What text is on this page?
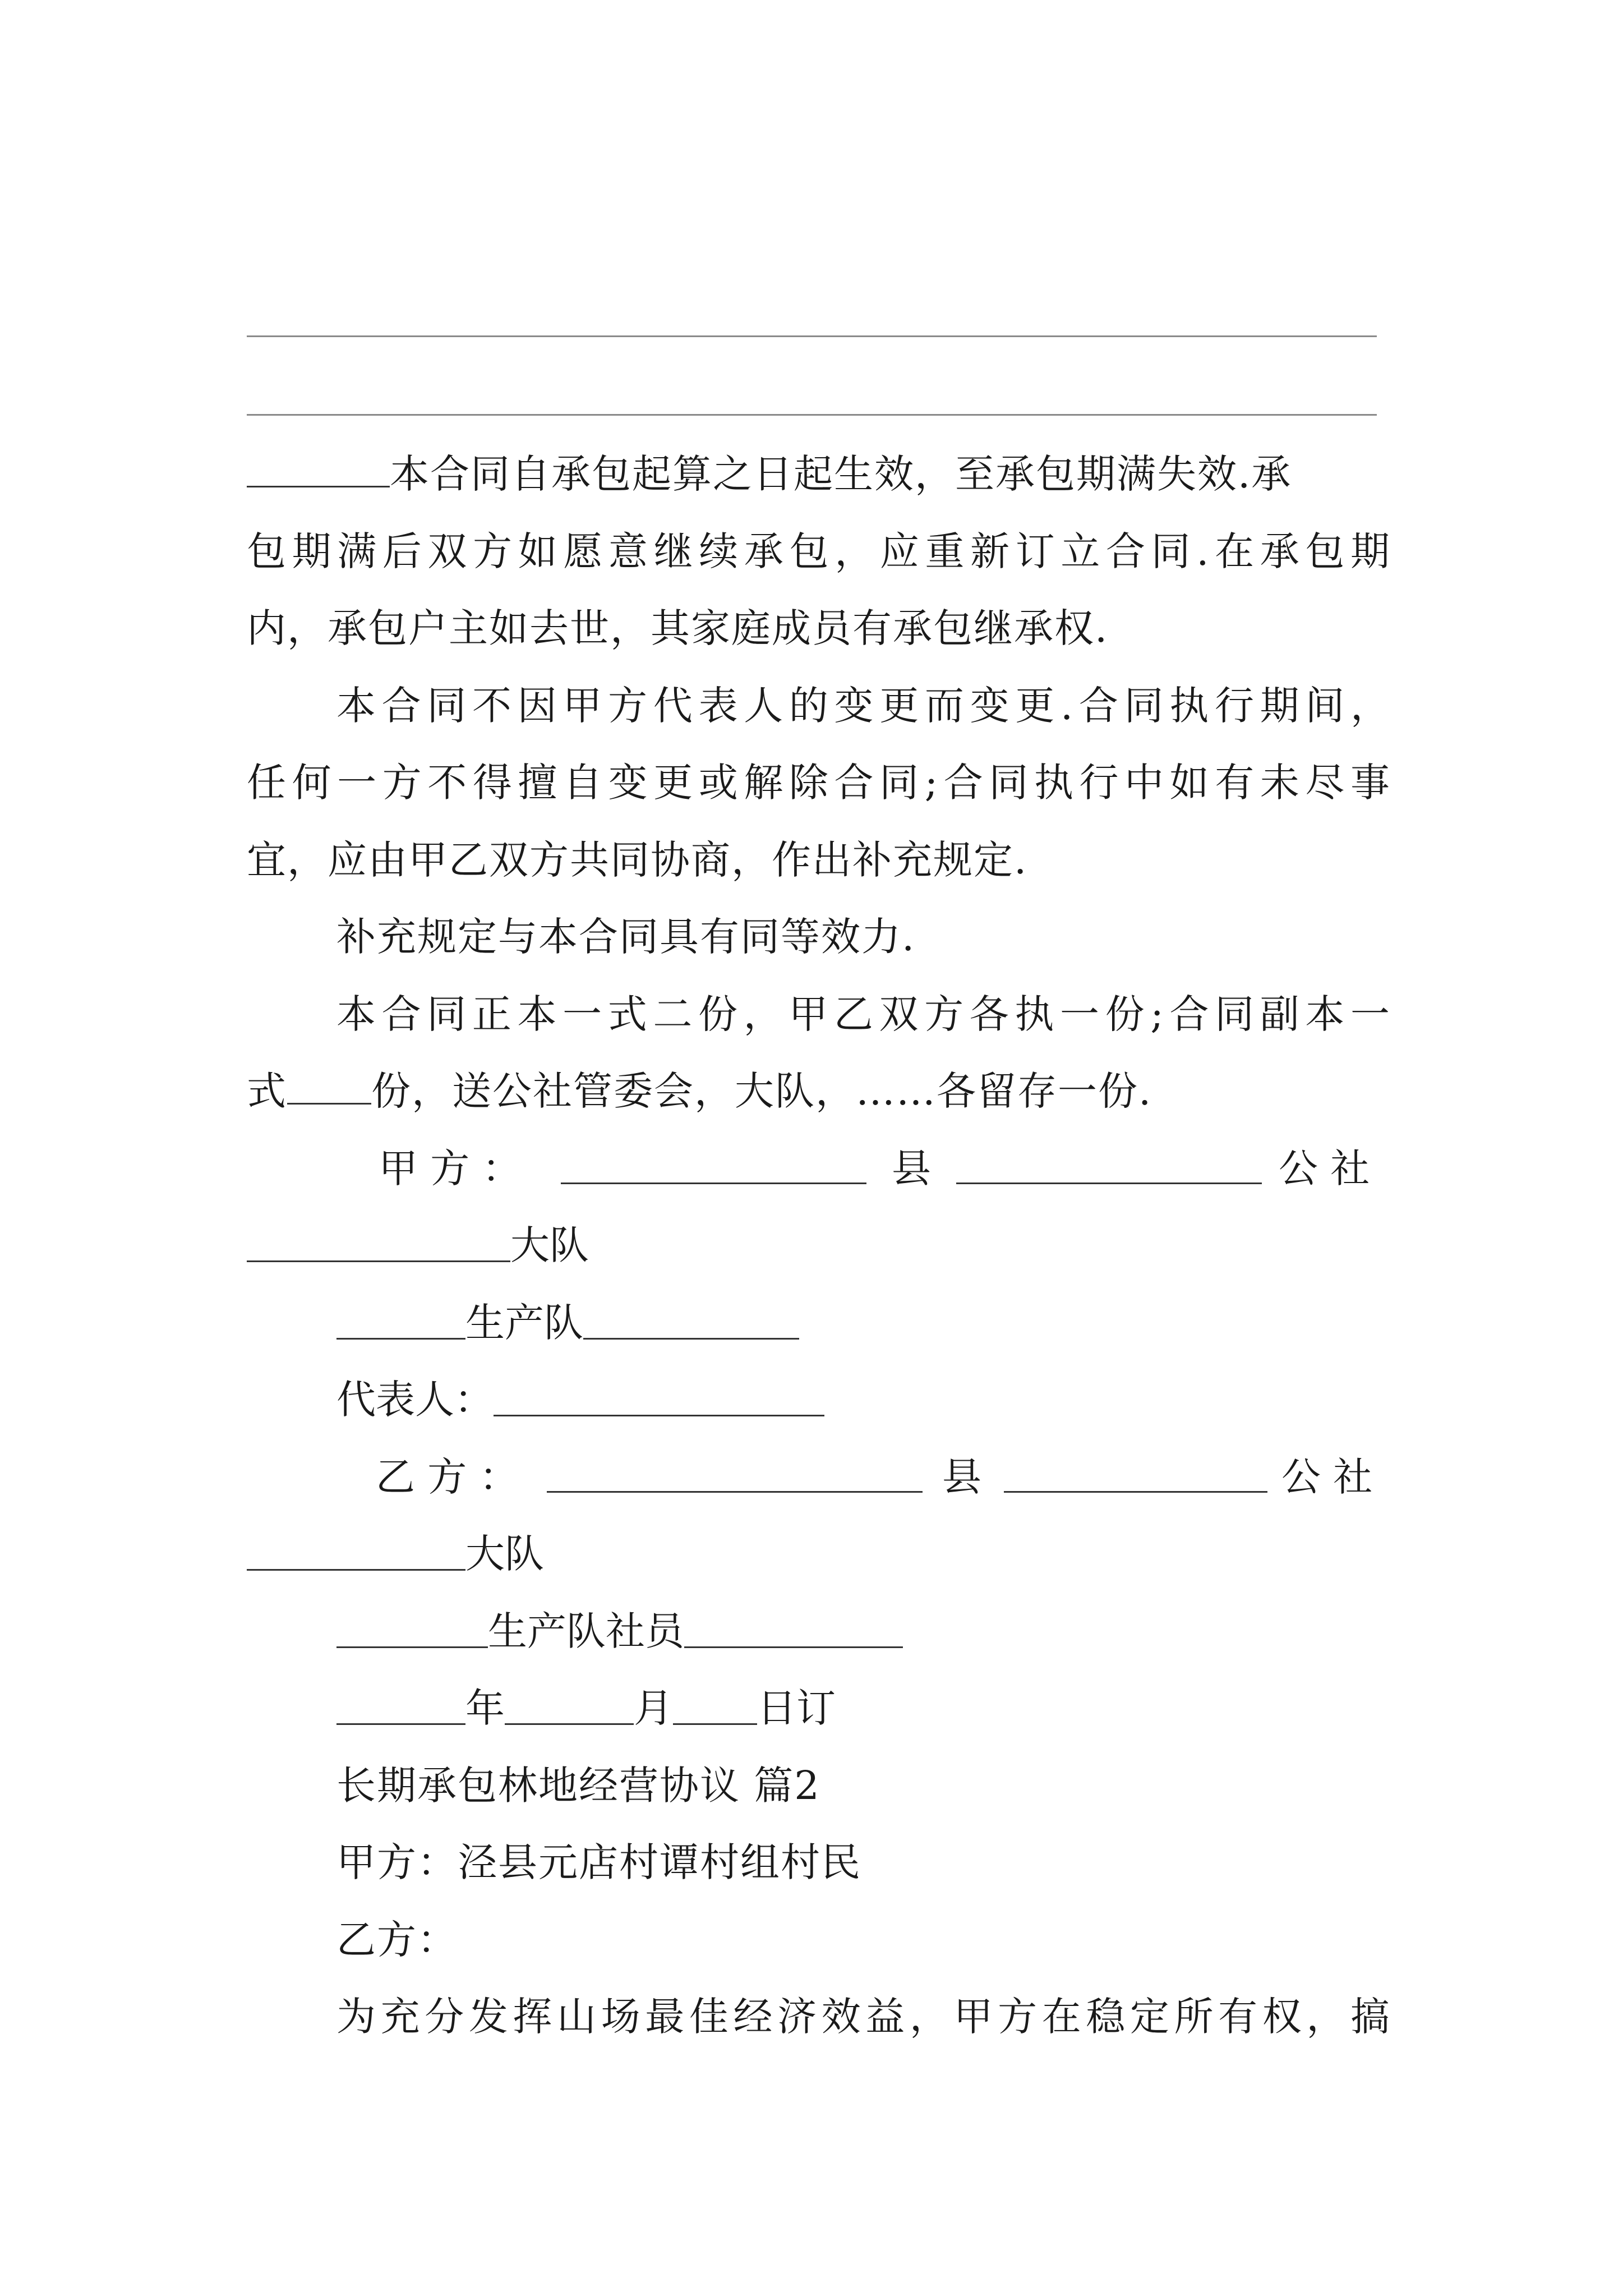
本合同自承包起算之日起生效，至承包期满失效.承
包期满后双方如愿意继续承包，应重新订立合同.在承包期
内，承包户主如去世，其家庭成员有承包继承权.
本合同不因甲方代表人的变更而变更.合同执行期间，
任何一方不得擅自变更或解除合同;合同执行中如有未尽事
宜，应由甲乙双方共同协商，作出补充规定.
补充规定与本合同具有同等效力.
本合同正本一式二份，甲乙双方各执一份;合同副本一
式 份，送公社管委会，大队，……各留存一份.
甲 方 ：	县	公 社
大队
生产队
代表人：
乙 方 ：	县	公 社
大队
生产队社员
年	月 日订
长期承包林地经营协议 篇2
甲方：泾县元店村谭村组村民
乙方：
为充分发挥山场最佳经济效益，甲方在稳定所有权，搞
